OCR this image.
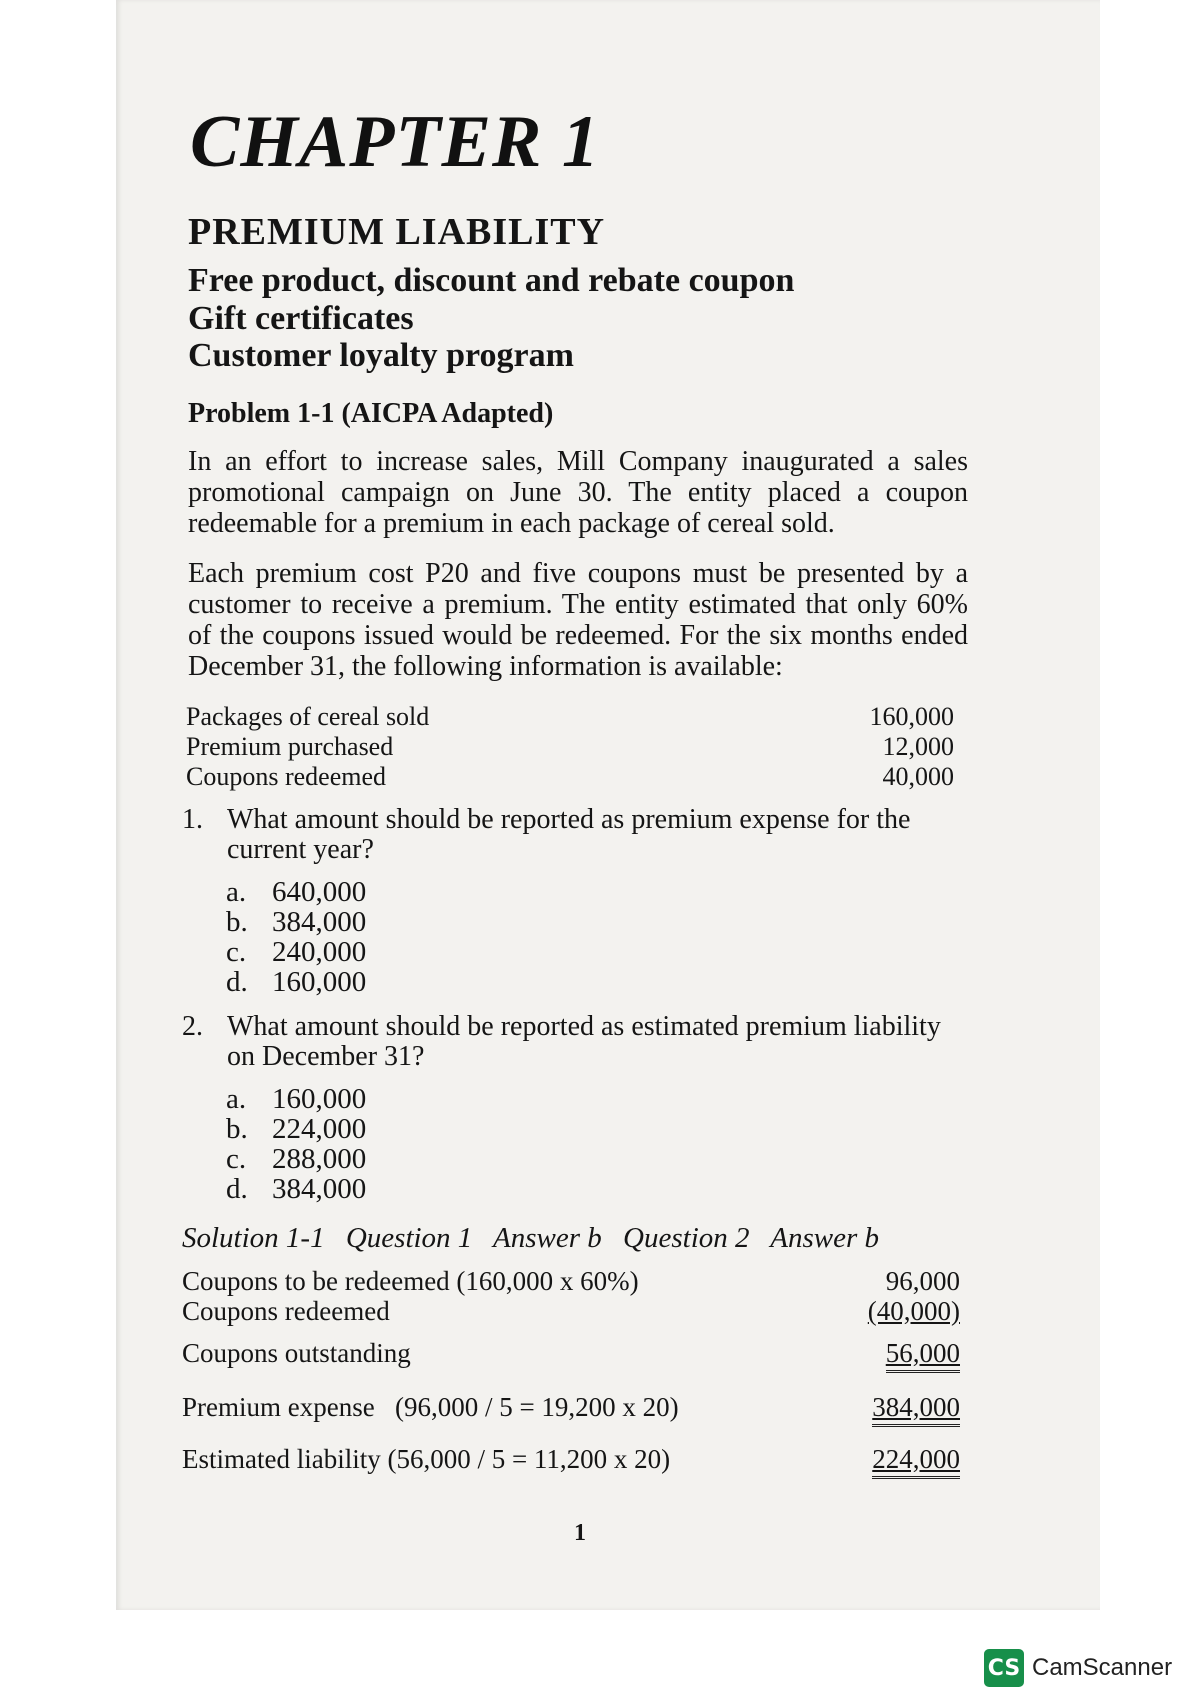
CHAPTER 1
PREMIUM LIABILITY
Free product, discount and rebate coupon
Gift certificates
Customer loyalty program
Problem 1-1 (AICPA Adapted)

In an effort to increase sales, Mill Company inaugurated a sales promotional campaign on June 30. The entity placed a coupon redeemable for a premium in each package of cereal sold.

Each premium cost P20 and five coupons must be presented by a customer to receive a premium. The entity estimated that only 60% of the coupons issued would be redeemed. For the six months ended December 31, the following information is available:

Packages of cereal sold	160,000
Premium purchased	12,000
Coupons redeemed	40,000
1. What amount should be reported as premium expense for the current year?
a. 640,000
b. 384,000
c. 240,000
d. 160,000
2. What amount should be reported as estimated premium liability on December 31?
a. 160,000
b. 224,000
c. 288,000
d. 384,000
Solution 1-1 Question 1 Answer b Question 2 Answer b
Coupons to be redeemed (160,000 x 60%)	96,000
Coupons redeemed	(40,000)
Coupons outstanding	56,000
Premium expense   (96,000 / 5 = 19,200 x 20)	384,000
Estimated liability (56,000 / 5 = 11,200 x 20)	224,000
1
CS CamScanner
